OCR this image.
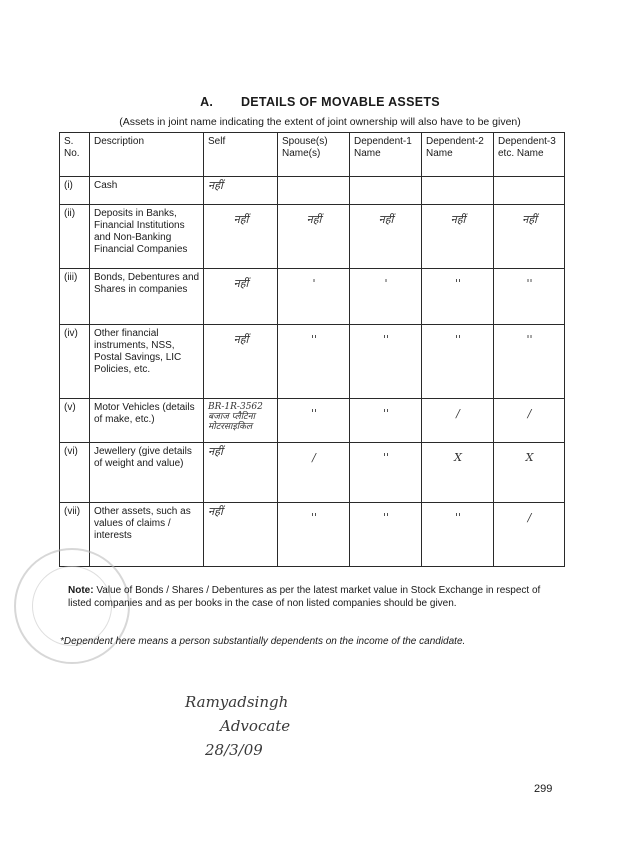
A. DETAILS OF MOVABLE ASSETS
(Assets in joint name indicating the extent of joint ownership will also have to be given)
S. No.	Description	Self	Spouse(s) Name(s)	Dependent-1 Name	Dependent-2 Name	Dependent-3 etc. Name
(i)	Cash	नहीं				

(ii)	Deposits in Banks, Financial Institutions and Non-Banking Financial Companies	नहीं	नहीं	नहीं	नहीं	नहीं

(iii)	Bonds, Debentures and Shares in companies	नहीं	'	'	''	''

(iv)	Other financial instruments, NSS, Postal Savings, LIC Policies, etc.	नहीं	''	''	''	''

(v)	Motor Vehicles (details of make, etc.)	BR-1R-3562
बजाज प्लैटिना
मोटरसाइकिल	''	''	/	/

(vi)	Jewellery (give details of weight and value)	नहीं	/	''	X	X

(vii)	Other assets, such as values of claims / interests	नहीं	''	''	''	/
Note: Value of Bonds / Shares / Debentures as per the latest market value in Stock Exchange in respect of listed companies and as per books in the case of non listed companies should be given.
*Dependent here means a person substantially dependents on the income of the candidate.
Ramyadsingh
Advocate
28/3/09
299
